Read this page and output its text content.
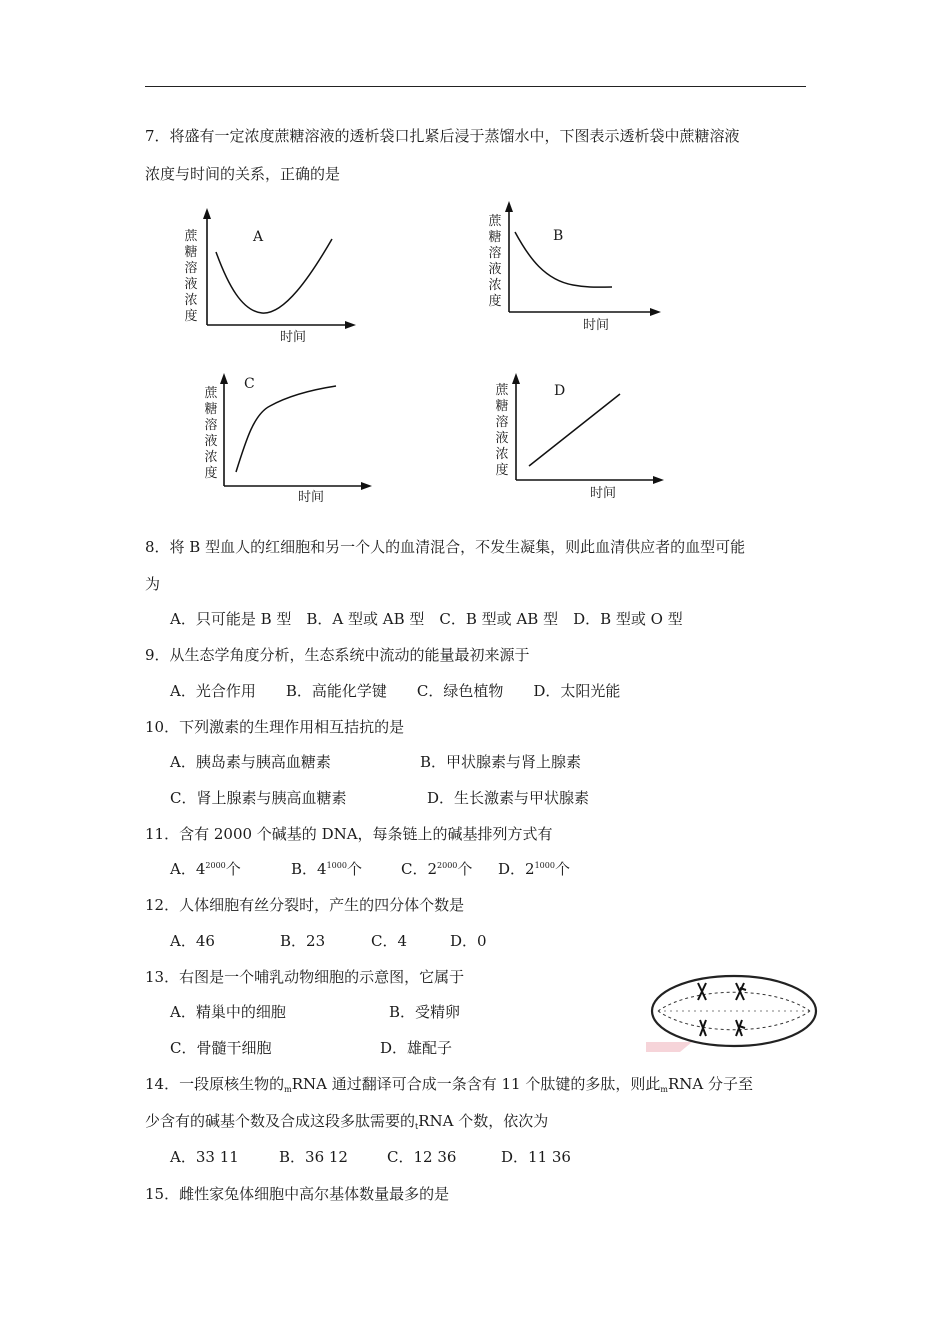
7．将盛有一定浓度蔗糖溶液的透析袋口扎紧后浸于蒸馏水中，下图表示透析袋中蔗糖溶液
浓度与时间的关系，正确的是
蔗糖溶液浓度
A
时间
蔗糖溶液浓度
B
时间
蔗糖溶液浓度
C
时间
蔗糖溶液浓度
D
时间
8．将 B 型血人的红细胞和另一个人的血清混合，不发生凝集，则此血清供应者的血型可能
为
A．只可能是 B 型　B．A 型或 AB 型　C．B 型或 AB 型　D．B 型或 O 型
9．从生态学角度分析，生态系统中流动的能量最初来源于
A．光合作用　　B．高能化学键　　C．绿色植物　　D．太阳光能
10．下列激素的生理作用相互拮抗的是
A．胰岛素与胰高血糖素	B．甲状腺素与肾上腺素
C．肾上腺素与胰高血糖素	D．生长激素与甲状腺素
11．含有 2000 个碱基的 DNA，每条链上的碱基排列方式有
A．$4^{2000}$个	B．$4^{1000}$个	C．$2^{2000}$个 D．$2^{1000}$个
12．人体细胞有丝分裂时，产生的四分体个数是
A．46	B．23	C．4	D．0
13．右图是一个哺乳动物细胞的示意图，它属于
A．精巢中的细胞	B．受精卵
C．骨髓干细胞	D．雄配子
14．一段原核生物的$_m$RNA 通过翻译可合成一条含有 11 个肽键的多肽，则此$_m$RNA 分子至
少含有的碱基个数及合成这段多肽需要的$_t$RNA 个数，依次为
A．33 11	B．36 12	C．12 36	D．11 36
15．雌性家兔体细胞中高尔基体数量最多的是
